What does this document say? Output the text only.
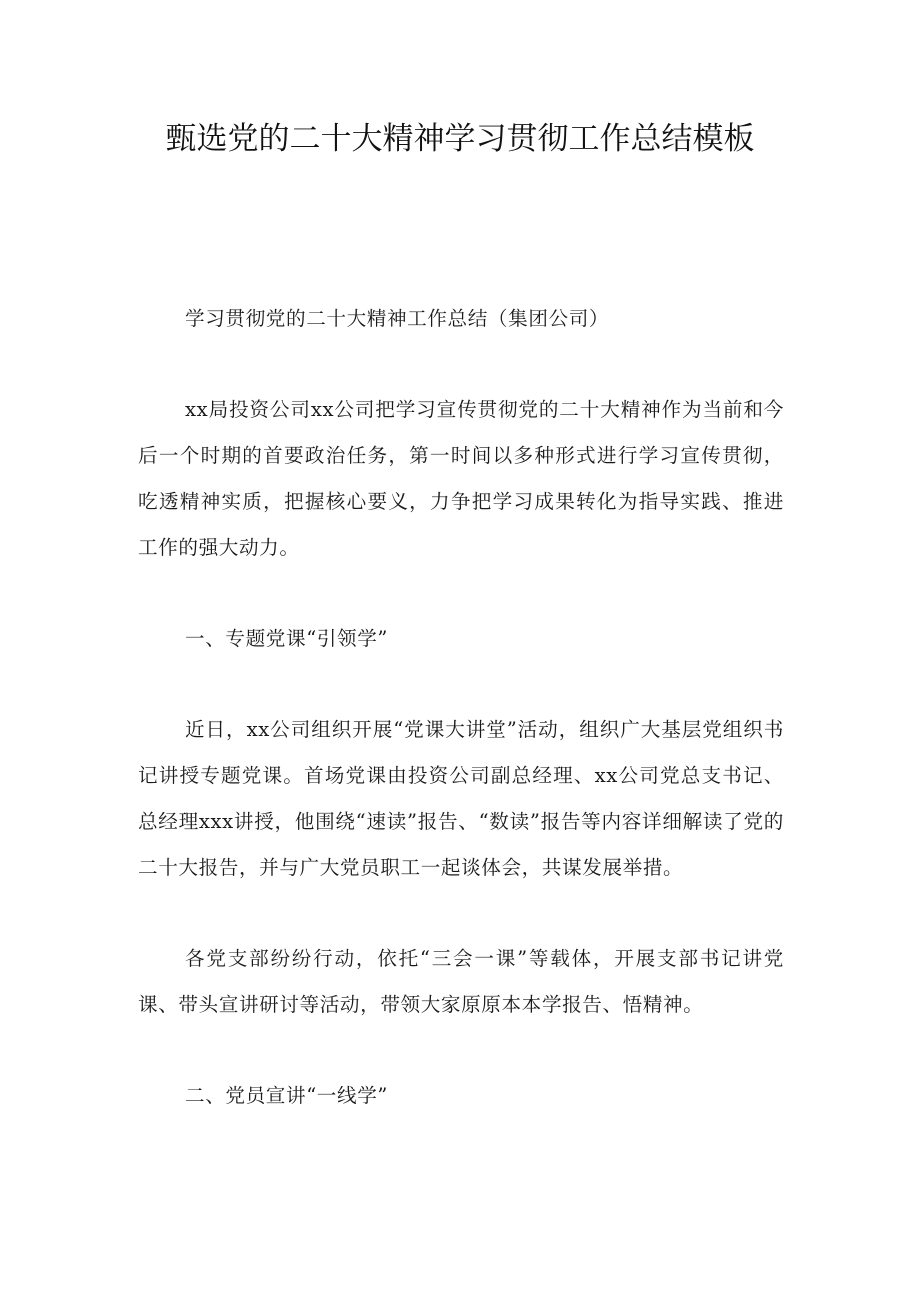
甄选党的二十大精神学习贯彻工作总结模板

学习贯彻党的二十大精神工作总结（集团公司）

xx局投资公司xx公司把学习宣传贯彻党的二十大精神作为当前和今后一个时期的首要政治任务，第一时间以多种形式进行学习宣传贯彻，吃透精神实质，把握核心要义，力争把学习成果转化为指导实践、推进工作的强大动力。

一、专题党课“引领学”

近日，xx公司组织开展“党课大讲堂”活动，组织广大基层党组织书记讲授专题党课。首场党课由投资公司副总经理、xx公司党总支书记、总经理xxx讲授，他围绕“速读”报告、“数读”报告等内容详细解读了党的二十大报告，并与广大党员职工一起谈体会，共谋发展举措。

各党支部纷纷行动，依托“三会一课”等载体，开展支部书记讲党课、带头宣讲研讨等活动，带领大家原原本本学报告、悟精神。

二、党员宣讲“一线学”
